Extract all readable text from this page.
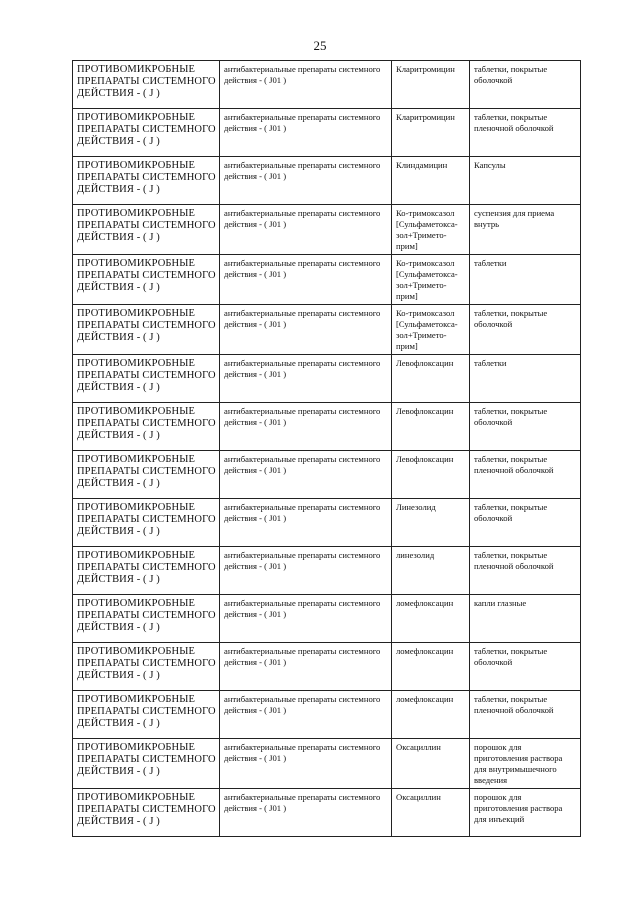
25
ПРОТИВОМИКРОБНЫЕ ПРЕПАРАТЫ СИСТЕМНОГО ДЕЙСТВИЯ - ( J )	антибактериальные препараты системного действия - ( J01 )	Кларитромицин	таблетки, покрытые оболочкой
ПРОТИВОМИКРОБНЫЕ ПРЕПАРАТЫ СИСТЕМНОГО ДЕЙСТВИЯ - ( J )	антибактериальные препараты системного действия - ( J01 )	Кларитромицин	таблетки, покрытые пленочной оболочкой
ПРОТИВОМИКРОБНЫЕ ПРЕПАРАТЫ СИСТЕМНОГО ДЕЙСТВИЯ - ( J )	антибактериальные препараты системного действия - ( J01 )	Клиндамицин	Капсулы
ПРОТИВОМИКРОБНЫЕ ПРЕПАРАТЫ СИСТЕМНОГО ДЕЙСТВИЯ - ( J )	антибактериальные препараты системного действия - ( J01 )	Ко-тримоксазол [Сульфаметокса-зол+Тримето-прим]	суспензия для приема внутрь
ПРОТИВОМИКРОБНЫЕ ПРЕПАРАТЫ СИСТЕМНОГО ДЕЙСТВИЯ - ( J )	антибактериальные препараты системного действия - ( J01 )	Ко-тримоксазол [Сульфаметокса-зол+Тримето-прим]	таблетки
ПРОТИВОМИКРОБНЫЕ ПРЕПАРАТЫ СИСТЕМНОГО ДЕЙСТВИЯ - ( J )	антибактериальные препараты системного действия - ( J01 )	Ко-тримоксазол [Сульфаметокса-зол+Тримето-прим]	таблетки, покрытые оболочкой
ПРОТИВОМИКРОБНЫЕ ПРЕПАРАТЫ СИСТЕМНОГО ДЕЙСТВИЯ - ( J )	антибактериальные препараты системного действия - ( J01 )	Левофлоксацин	таблетки
ПРОТИВОМИКРОБНЫЕ ПРЕПАРАТЫ СИСТЕМНОГО ДЕЙСТВИЯ - ( J )	антибактериальные препараты системного действия - ( J01 )	Левофлоксацин	таблетки, покрытые оболочкой
ПРОТИВОМИКРОБНЫЕ ПРЕПАРАТЫ СИСТЕМНОГО ДЕЙСТВИЯ - ( J )	антибактериальные препараты системного действия - ( J01 )	Левофлоксацин	таблетки, покрытые пленочной оболочкой
ПРОТИВОМИКРОБНЫЕ ПРЕПАРАТЫ СИСТЕМНОГО ДЕЙСТВИЯ - ( J )	антибактериальные препараты системного действия - ( J01 )	Линезолид	таблетки, покрытые оболочкой
ПРОТИВОМИКРОБНЫЕ ПРЕПАРАТЫ СИСТЕМНОГО ДЕЙСТВИЯ - ( J )	антибактериальные препараты системного действия - ( J01 )	линезолид	таблетки, покрытые пленочной оболочкой
ПРОТИВОМИКРОБНЫЕ ПРЕПАРАТЫ СИСТЕМНОГО ДЕЙСТВИЯ - ( J )	антибактериальные препараты системного действия - ( J01 )	ломефлоксацин	капли глазные
ПРОТИВОМИКРОБНЫЕ ПРЕПАРАТЫ СИСТЕМНОГО ДЕЙСТВИЯ - ( J )	антибактериальные препараты системного действия - ( J01 )	ломефлоксацин	таблетки, покрытые оболочкой
ПРОТИВОМИКРОБНЫЕ ПРЕПАРАТЫ СИСТЕМНОГО ДЕЙСТВИЯ - ( J )	антибактериальные препараты системного действия - ( J01 )	ломефлоксацин	таблетки, покрытые пленочной оболочкой
ПРОТИВОМИКРОБНЫЕ ПРЕПАРАТЫ СИСТЕМНОГО ДЕЙСТВИЯ - ( J )	антибактериальные препараты системного действия - ( J01 )	Оксациллин	порошок для приготовления раствора для внутримышечного введения
ПРОТИВОМИКРОБНЫЕ ПРЕПАРАТЫ СИСТЕМНОГО ДЕЙСТВИЯ - ( J )	антибактериальные препараты системного действия - ( J01 )	Оксациллин	порошок для приготовления раствора для инъекций
